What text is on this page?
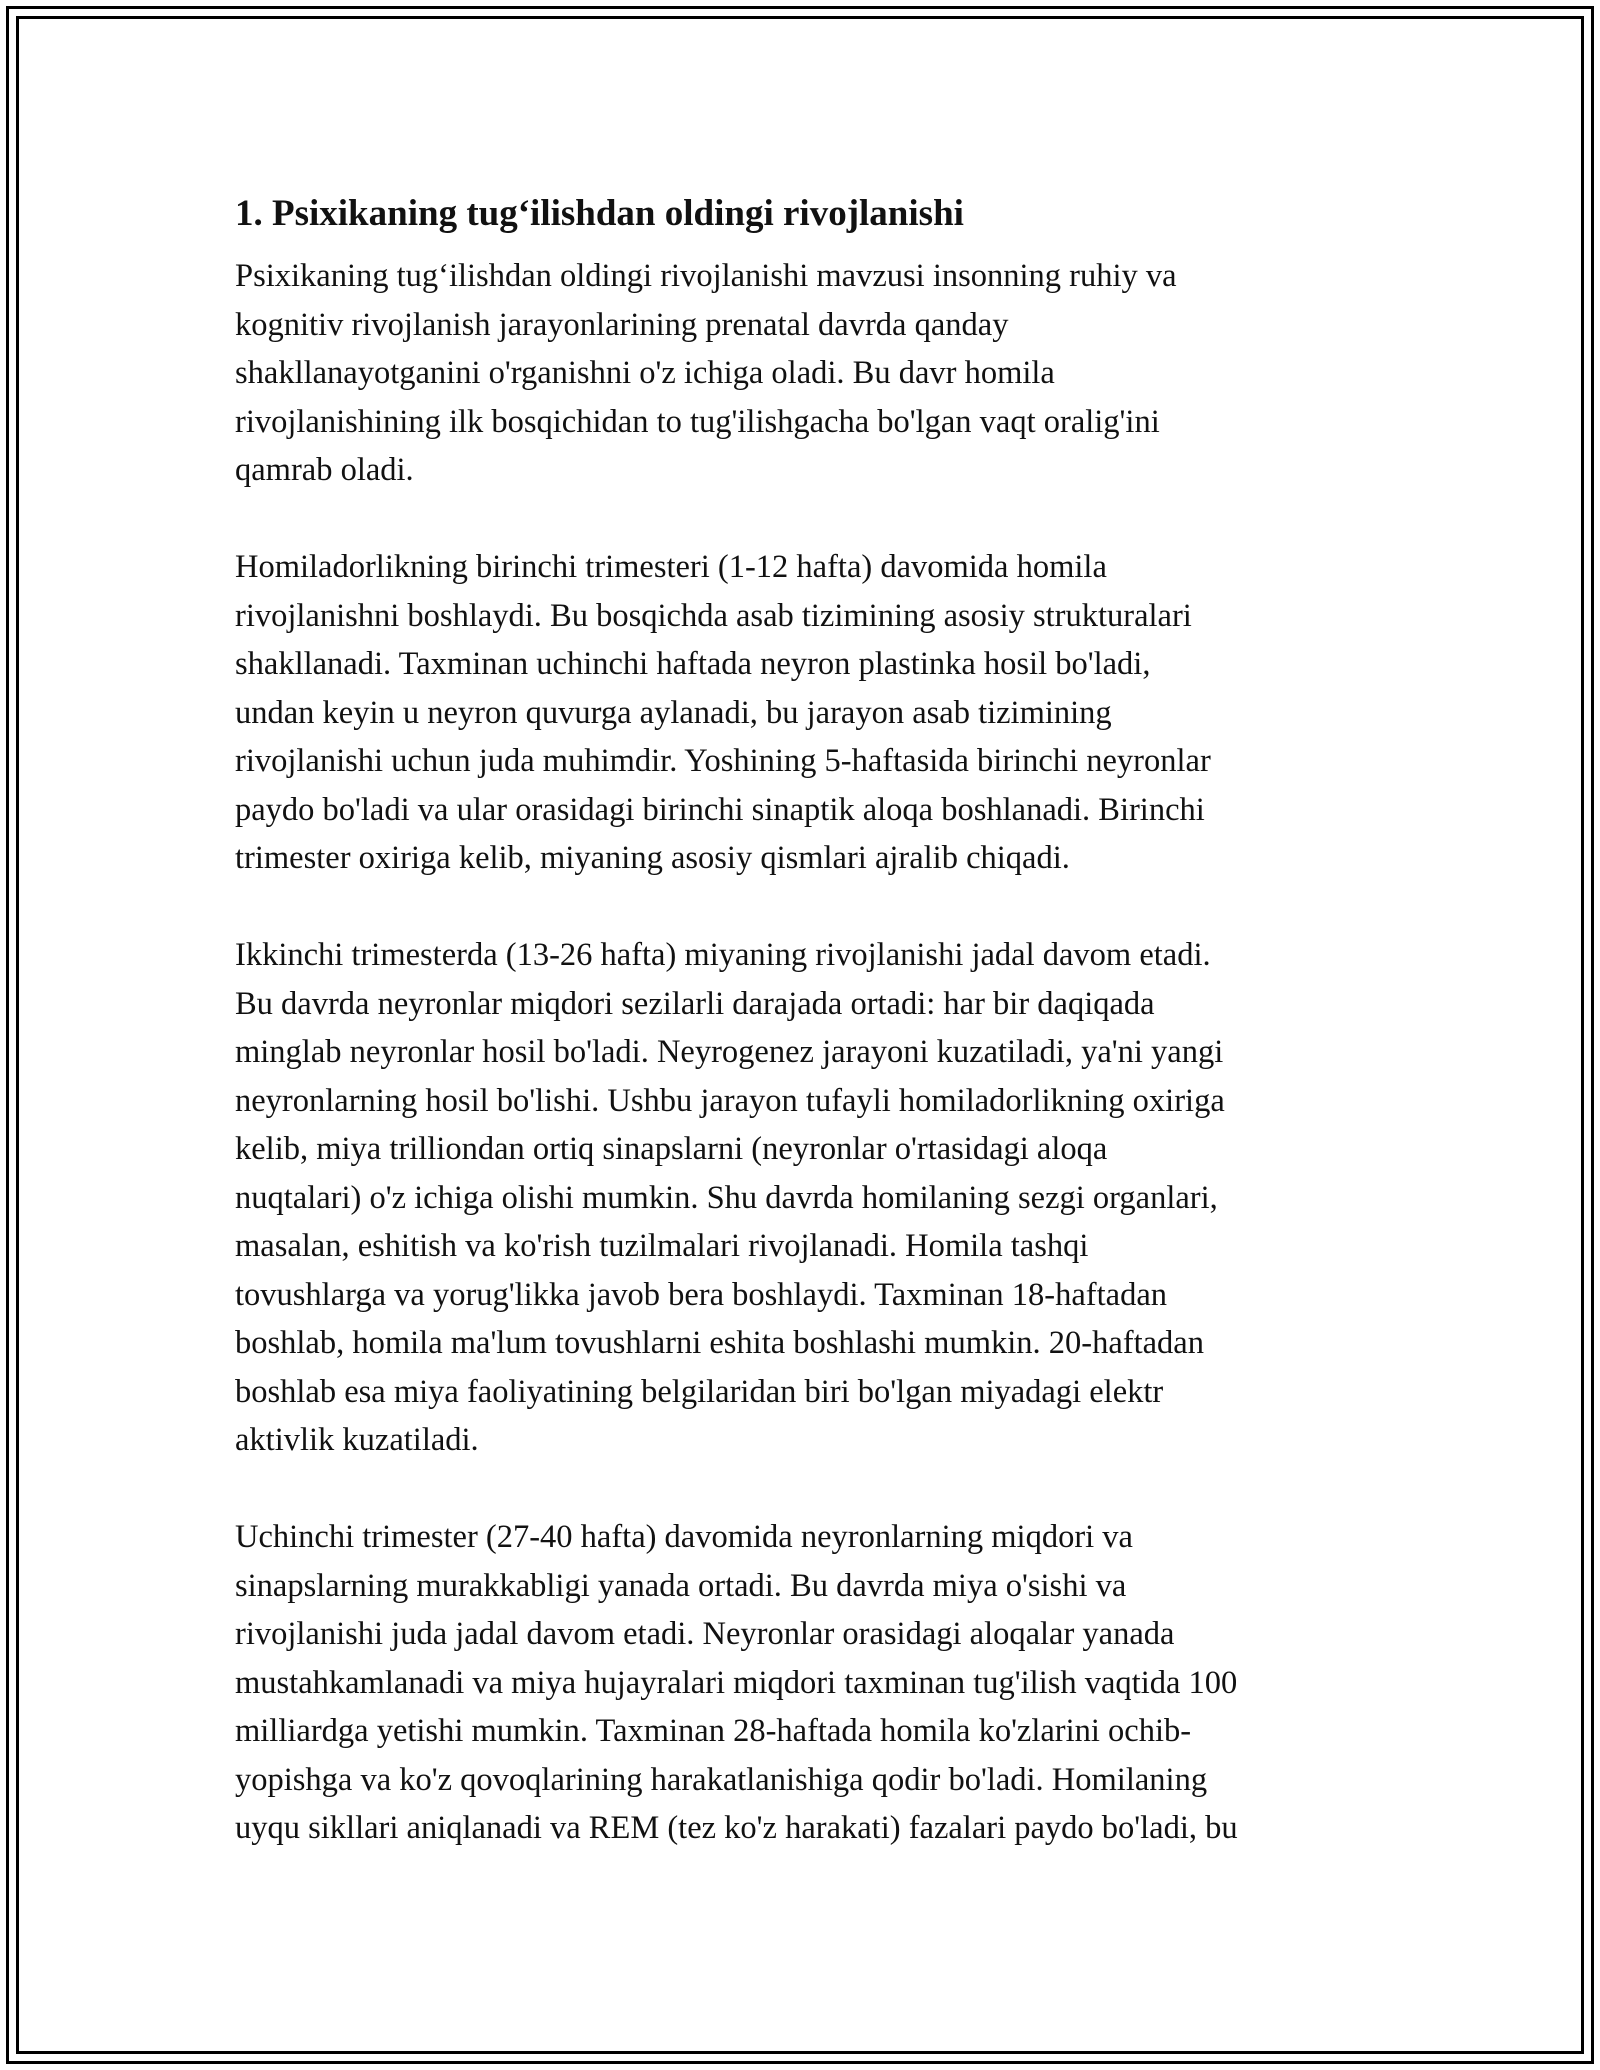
1. Psixikaning tug‘ilishdan oldingi rivojlanishi

Psixikaning tug‘ilishdan oldingi rivojlanishi mavzusi insonning ruhiy va
kognitiv rivojlanish jarayonlarining prenatal davrda qanday
shakllanayotganini o'rganishni o'z ichiga oladi. Bu davr homila
rivojlanishining ilk bosqichidan to tug'ilishgacha bo'lgan vaqt oralig'ini
qamrab oladi.

Homiladorlikning birinchi trimesteri (1-12 hafta) davomida homila
rivojlanishni boshlaydi. Bu bosqichda asab tizimining asosiy strukturalari
shakllanadi. Taxminan uchinchi haftada neyron plastinka hosil bo'ladi,
undan keyin u neyron quvurga aylanadi, bu jarayon asab tizimining
rivojlanishi uchun juda muhimdir. Yoshining 5-haftasida birinchi neyronlar
paydo bo'ladi va ular orasidagi birinchi sinaptik aloqa boshlanadi. Birinchi
trimester oxiriga kelib, miyaning asosiy qismlari ajralib chiqadi.

Ikkinchi trimesterda (13-26 hafta) miyaning rivojlanishi jadal davom etadi.
Bu davrda neyronlar miqdori sezilarli darajada ortadi: har bir daqiqada
minglab neyronlar hosil bo'ladi. Neyrogenez jarayoni kuzatiladi, ya'ni yangi
neyronlarning hosil bo'lishi. Ushbu jarayon tufayli homiladorlikning oxiriga
kelib, miya trilliondan ortiq sinapslarni (neyronlar o'rtasidagi aloqa
nuqtalari) o'z ichiga olishi mumkin. Shu davrda homilaning sezgi organlari,
masalan, eshitish va ko'rish tuzilmalari rivojlanadi. Homila tashqi
tovushlarga va yorug'likka javob bera boshlaydi. Taxminan 18-haftadan
boshlab, homila ma'lum tovushlarni eshita boshlashi mumkin. 20-haftadan
boshlab esa miya faoliyatining belgilaridan biri bo'lgan miyadagi elektr
aktivlik kuzatiladi.

Uchinchi trimester (27-40 hafta) davomida neyronlarning miqdori va
sinapslarning murakkabligi yanada ortadi. Bu davrda miya o'sishi va
rivojlanishi juda jadal davom etadi. Neyronlar orasidagi aloqalar yanada
mustahkamlanadi va miya hujayralari miqdori taxminan tug'ilish vaqtida 100
milliardga yetishi mumkin. Taxminan 28-haftada homila ko'zlarini ochib-
yopishga va ko'z qovoqlarining harakatlanishiga qodir bo'ladi. Homilaning
uyqu sikllari aniqlanadi va REM (tez ko'z harakati) fazalari paydo bo'ladi, bu
